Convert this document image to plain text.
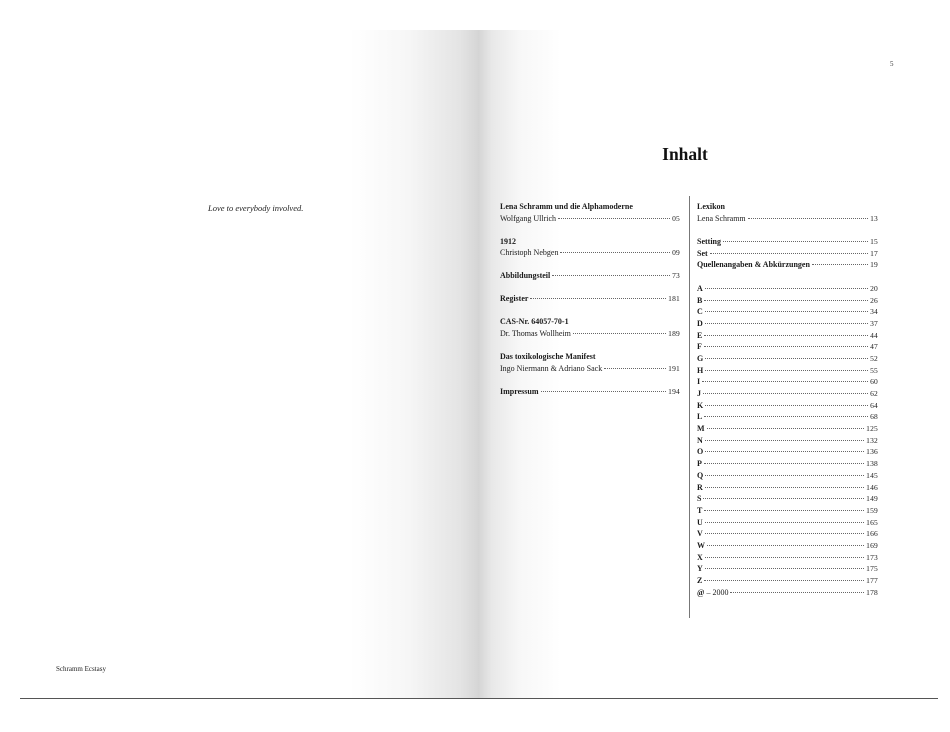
Love to everybody involved.
Schramm Ecstasy
5
Inhalt
Lena Schramm und die Alphamoderne
Wolfgang Ullrich	05
1912
Christoph Nebgen	09
Abbildungsteil	73
Register	181
CAS-Nr. 64057-70-1
Dr. Thomas Wollheim	189
Das toxikologische Manifest
Ingo Niermann & Adriano Sack	191
Impressum	194
Lexikon
Lena Schramm	13
Setting	15
Set	17
Quellenangaben & Abkürzungen	19
A	20
B	26
C	34
D	37
E	44
F	47
G	52
H	55
I	60
J	62
K	64
L	68
M	125
N	132
O	136
P	138
Q	145
R	146
S	149
T	159
U	165
V	166
W	169
X	173
Y	175
Z	177
@ – 2000	178
